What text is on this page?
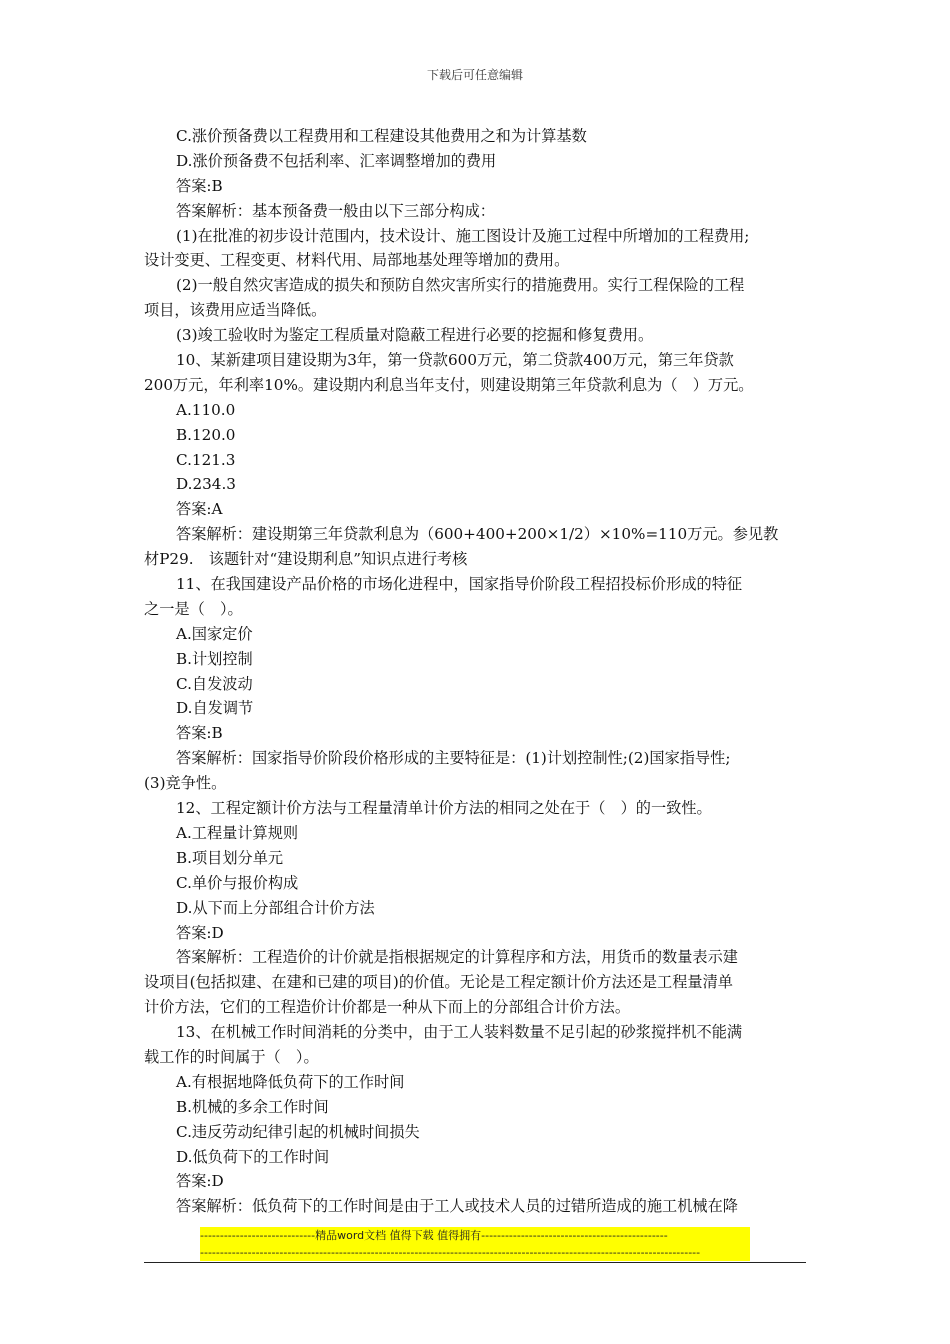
下载后可任意编辑
C.涨价预备费以工程费用和工程建设其他费用之和为计算基数
D.涨价预备费不包括利率、汇率调整增加的费用
答案:B
答案解析：基本预备费一般由以下三部分构成：
(1)在批准的初步设计范围内，技术设计、施工图设计及施工过程中所增加的工程费用;
设计变更、工程变更、材料代用、局部地基处理等增加的费用。
(2)一般自然灾害造成的损失和预防自然灾害所实行的措施费用。实行工程保险的工程
项目，该费用应适当降低。
(3)竣工验收时为鉴定工程质量对隐蔽工程进行必要的挖掘和修复费用。
10、某新建项目建设期为3年，第一贷款600万元，第二贷款400万元，第三年贷款
200万元，年利率10%。建设期内利息当年支付，则建设期第三年贷款利息为（　）万元。
A.110.0
B.120.0
C.121.3
D.234.3
答案:A
答案解析：建设期第三年贷款利息为（600+400+200×1/2）×10%=110万元。参见教
材P29.　该题针对“建设期利息”知识点进行考核
11、在我国建设产品价格的市场化进程中，国家指导价阶段工程招投标价形成的特征
之一是（　）。
A.国家定价
B.计划控制
C.自发波动
D.自发调节
答案:B
答案解析：国家指导价阶段价格形成的主要特征是：(1)计划控制性;(2)国家指导性;
(3)竞争性。
12、工程定额计价方法与工程量清单计价方法的相同之处在于（　）的一致性。
A.工程量计算规则
B.项目划分单元
C.单价与报价构成
D.从下而上分部组合计价方法
答案:D
答案解析：工程造价的计价就是指根据规定的计算程序和方法，用货币的数量表示建
设项目(包括拟建、在建和已建的项目)的价值。无论是工程定额计价方法还是工程量清单
计价方法，它们的工程造价计价都是一种从下而上的分部组合计价方法。
13、在机械工作时间消耗的分类中，由于工人装料数量不足引起的砂浆搅拌机不能满
载工作的时间属于（　）。
A.有根据地降低负荷下的工作时间
B.机械的多余工作时间
C.违反劳动纪律引起的机械时间损失
D.低负荷下的工作时间
答案:D
答案解析：低负荷下的工作时间是由于工人或技术人员的过错所造成的施工机械在降
-----------------------------精品word文档 值得下载 值得拥有-----------------------------------------------
------------------------------------------------------------------------------------------------------------------------------
